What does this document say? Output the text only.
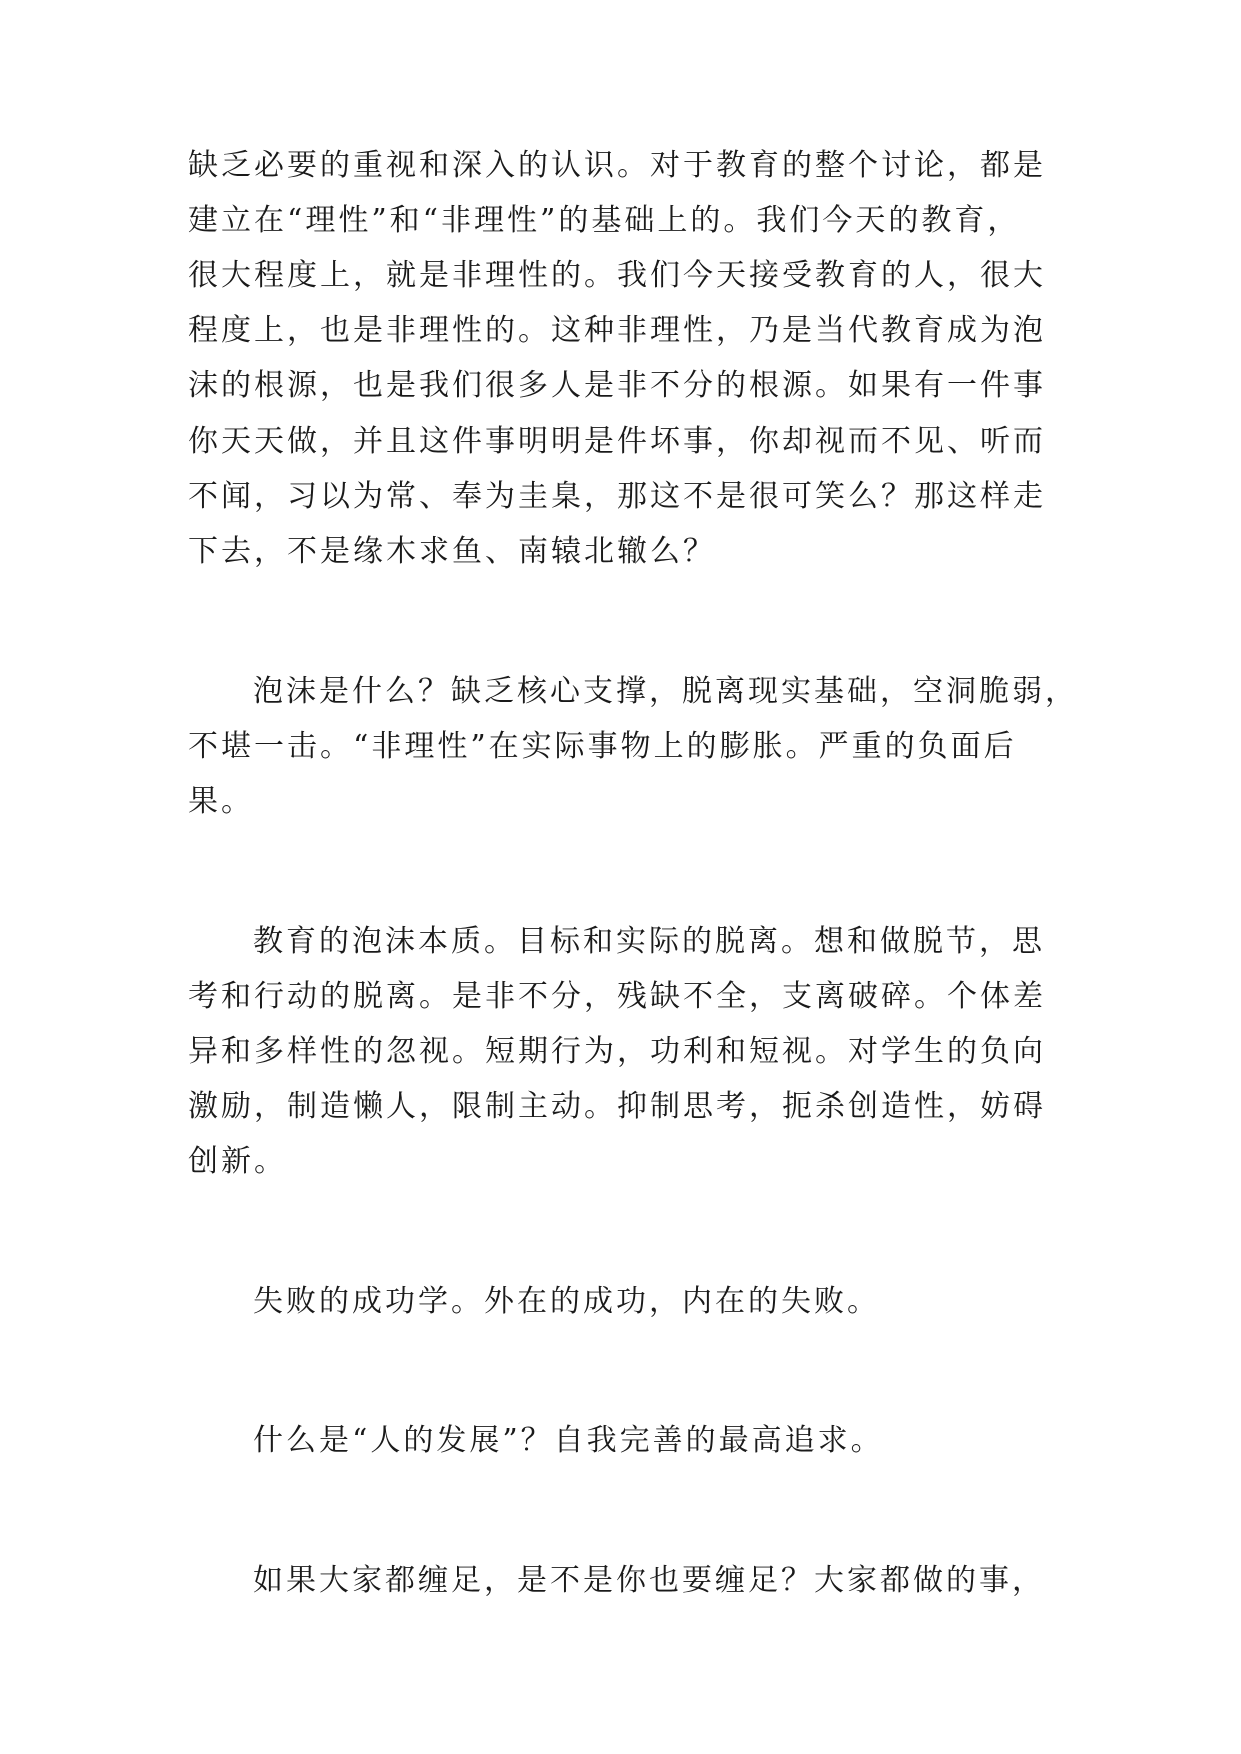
缺乏必要的重视和深入的认识。对于教育的整个讨论，都是
建立在“理性”和“非理性”的基础上的。我们今天的教育，
很大程度上，就是非理性的。我们今天接受教育的人，很大
程度上，也是非理性的。这种非理性，乃是当代教育成为泡
沫的根源，也是我们很多人是非不分的根源。如果有一件事
你天天做，并且这件事明明是件坏事，你却视而不见、听而
不闻，习以为常、奉为圭臬，那这不是很可笑么？那这样走
下去，不是缘木求鱼、南辕北辙么？
泡沫是什么？缺乏核心支撑，脱离现实基础，空洞脆弱，
不堪一击。“非理性”在实际事物上的膨胀。严重的负面后
果。
教育的泡沫本质。目标和实际的脱离。想和做脱节，思
考和行动的脱离。是非不分，残缺不全，支离破碎。个体差
异和多样性的忽视。短期行为，功利和短视。对学生的负向
激励，制造懒人，限制主动。抑制思考，扼杀创造性，妨碍
创新。
失败的成功学。外在的成功，内在的失败。
什么是“人的发展”？自我完善的最高追求。
如果大家都缠足，是不是你也要缠足？大家都做的事，
